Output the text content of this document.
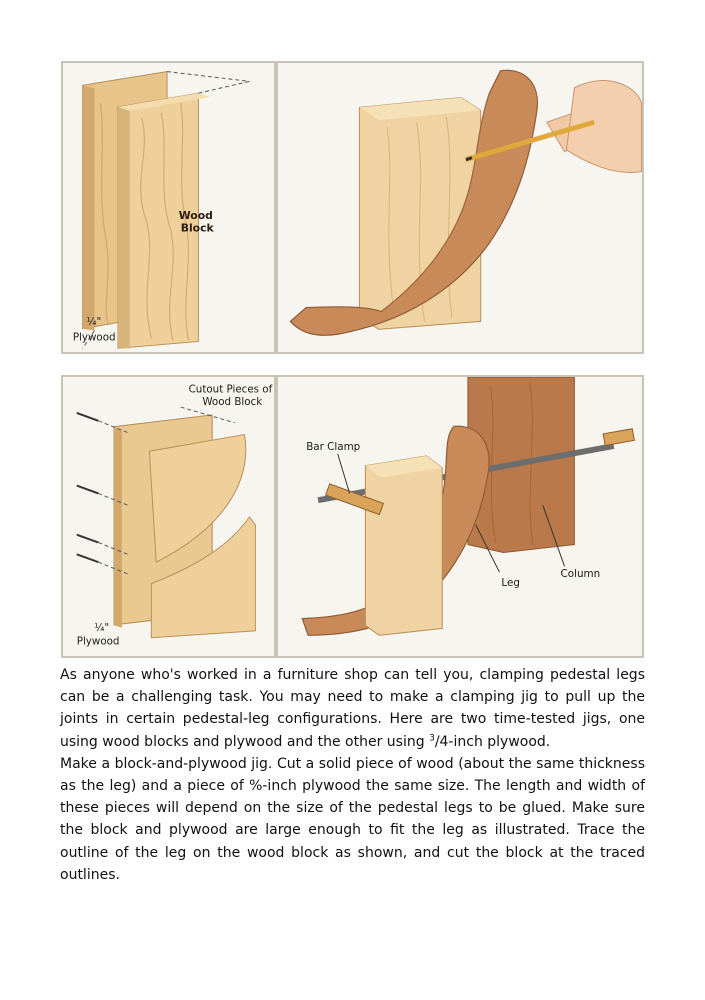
Wood
Block
¼"
Plywood
Cutout Pieces of
Wood Block
¼"
Plywood
Bar Clamp
Leg
Column

As anyone who's worked in a furniture shop can tell you, clamping pedestal legs can be a challenging task. You may need to make a clamping jig to pull up the joints in certain pedestal-leg configurations. Here are two time-tested jigs, one using wood blocks and plywood and the other using $^3$/4-inch plywood.

Make a block-and-plywood jig. Cut a solid piece of wood (about the same thickness as the leg) and a piece of %-inch plywood the same size. The length and width of these pieces will depend on the size of the pedestal legs to be glued. Make sure the block and plywood are large enough to fit the leg as illustrated. Trace the outline of the leg on the wood block as shown, and cut the block at the traced outlines.
